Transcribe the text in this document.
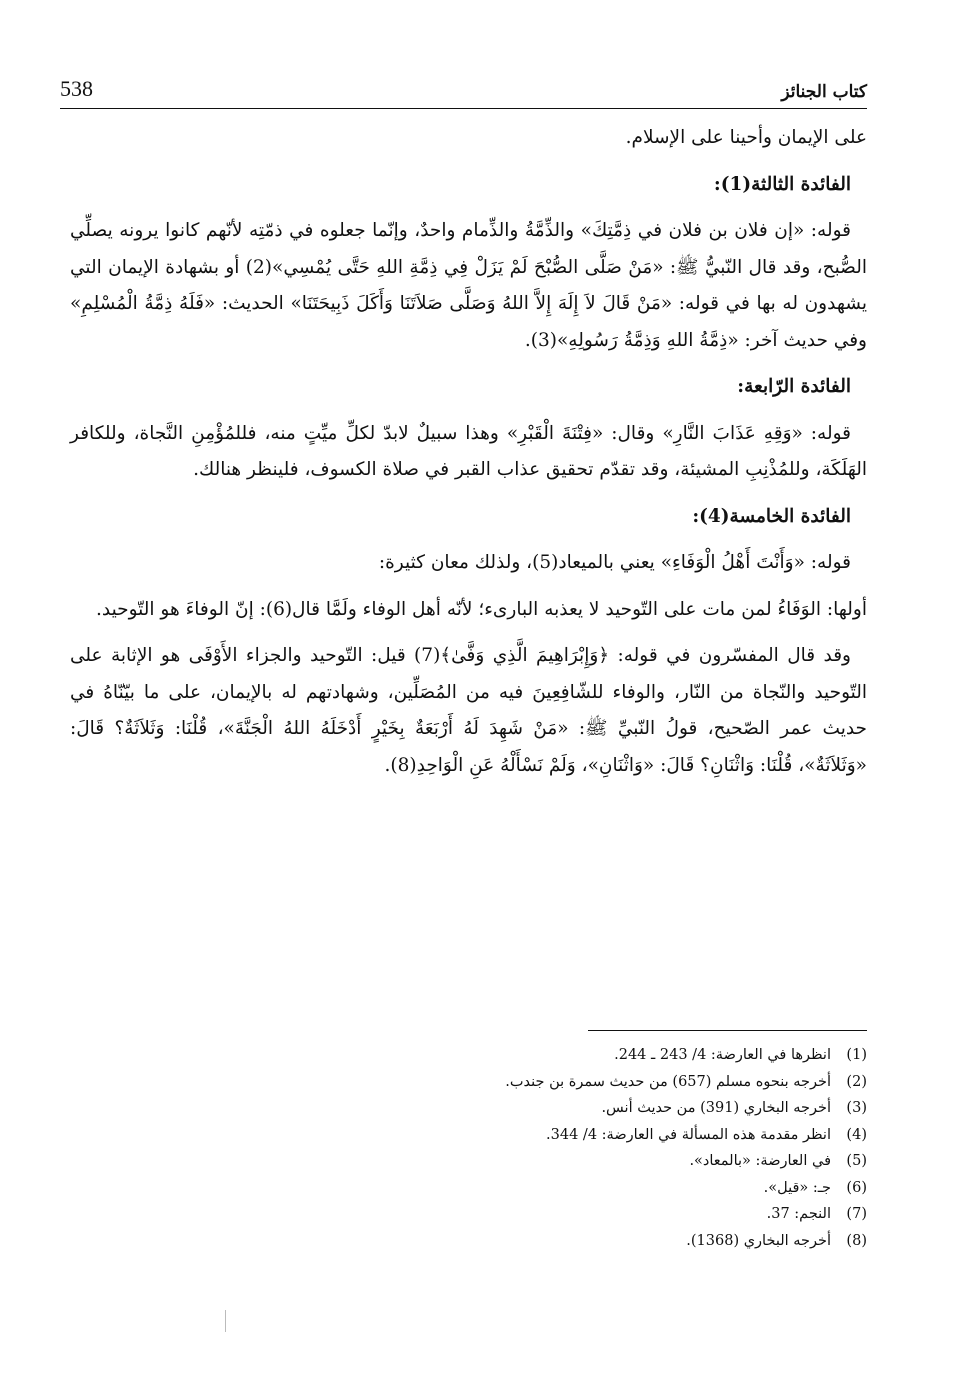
538	كتاب الجنائز

على الإيمان وأحينا على الإسلام.

الفائدة الثالثة(1):

قوله: «إن فلان بن فلان في ذِمَّتِكَ» والذِّمَّةُ والذِّمام واحدٌ، وإنّما جعلوه في ذمّتِه لأنّهم كانوا يرونه يصلِّي الصُّبح، وقد قال النّبيُّ ﷺ: «مَنْ صَلَّى الصُّبْحَ لَمْ يَزَلْ فِي ذِمَّةِ اللهِ حَتَّى يُمْسِي»(2) أو بشهادة الإيمان التي يشهدون له بها في قوله: «مَنْ قَالَ لاَ إِلَهَ إِلاَّ اللهُ وَصَلَّى صَلاَتَنَا وَأَكَلَ ذَبِيحَتَنَا» الحديث: «فَلَهُ ذِمَّةُ الْمُسْلِمِ» وفي حديث آخر: «ذِمَّةُ اللهِ وَذِمَّةُ رَسُولِهِ»(3).

الفائدة الرّابعة:

قوله: «وَقِهِ عَذَابَ النَّارِ» وقال: «فِتْنَةَ الْقَبْرِ» وهذا سبيلٌ لابدّ لكلِّ ميِّتٍ منه، فللمُؤْمِنِ النَّجاة، وللكافر الهَلَكَة، وللمُذْنِبِ المشيئة، وقد تقدّم تحقيق عذاب القبر في صلاة الكسوف، فلينظر هنالك.

الفائدة الخامسة(4):

قوله: «وَأَنْتَ أَهْلُ الْوَفَاءِ» يعني بالميعاد(5)، ولذلك معان كثيرة:

أولها: الوَفَاءُ لمن مات على التّوحيد لا يعذبه البارىء؛ لأنّه أهل الوفاء ولَمَّا قال(6): إنّ الوفاءَ هو التّوحيد.

وقد قال المفسّرون في قوله: ﴿وَإِبْرَاهِيمَ الَّذِي وَفَّىٰ﴾(7) قيل: التّوحيد والجزاء الأَوْفَى هو الإثابة على التّوحيد والنّجاة من النّار، والوفاء للشّافِعِينَ فيه من المُصَلِّين، وشهادتهم له بالإيمان، على ما بيّنّاهُ في حديث عمر الصّحيح، قولُ النّبيِّ ﷺ: «مَنْ شَهِدَ لَهُ أَرْبَعَةٌ بِخَيْرٍ أَدْخَلَهُ اللهُ الْجَنَّةَ»، قُلْنَا: وَثَلاَثَةٌ؟ قَالَ: «وَثَلاَثَةٌ»، قُلْنَا: وَاثْنَانِ؟ قَالَ: «وَاثْنَانِ»، وَلَمْ نَسْأَلْهُ عَنِ الْوَاحِدِ(8).

(1)
انظرها في العارضة: 4/ 243 ـ 244.
(2)
أخرجه بنحوه مسلم (657) من حديث سمرة بن جندب.
(3)
أخرجه البخاري (391) من حديث أنس.
(4)
انظر مقدمة هذه المسألة في العارضة: 4/ 344.
(5)
في العارضة: «بالمعاد».
(6)
جـ: «قيل».
(7)
النجم: 37.
(8)
أخرجه البخاري (1368).
